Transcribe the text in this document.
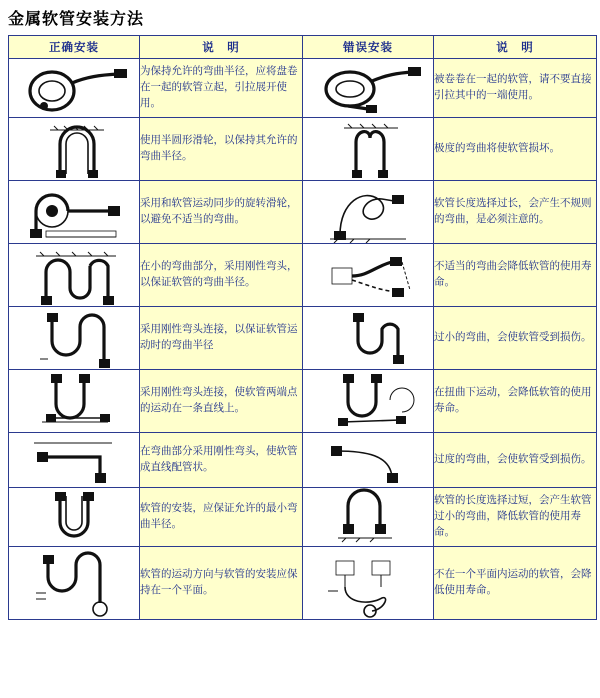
金属软管安装方法
正确安装	说　明	错误安装	说　明

	为保持允许的弯曲半径，应将盘卷在一起的软管立起，引拉展开使用。		被卷卷在一起的软管，请不要直接引拉其中的一端使用。

	使用半圆形滑轮，以保持其允许的弯曲半径。		极度的弯曲将使软管损坏。

	采用和软管运动同步的旋转滑轮，以避免不适当的弯曲。		软管长度选择过长，会产生不规则的弯曲，是必须注意的。

	在小的弯曲部分，采用刚性弯头，以保证软管的弯曲半径。		不适当的弯曲会降低软管的使用寿命。

	采用刚性弯头连接，以保证软管运动时的弯曲半径		过小的弯曲，会使软管受到损伤。

	采用刚性弯头连接，使软管两端点的运动在一条直线上。		在扭曲下运动，会降低软管的使用寿命。

	在弯曲部分采用刚性弯头，使软管成直线配管状。		过度的弯曲，会使软管受到损伤。

	软管的安装，应保证允许的最小弯曲半径。		软管的长度选择过短，会产生软管过小的弯曲，降低软管的使用寿命。

	软管的运动方向与软管的安装应保持在一个平面。		不在一个平面内运动的软管，会降低使用寿命。
